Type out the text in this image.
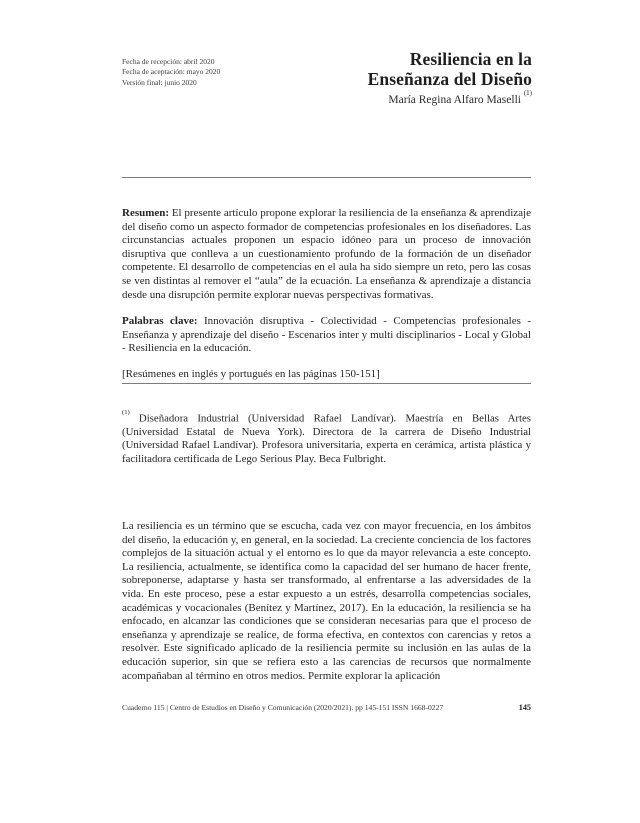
Fecha de recepción: abril 2020
Fecha de aceptación: mayo 2020
Versión final: junio 2020
Resiliencia en la
Enseñanza del Diseño
María Regina Alfaro Maselli $^{(1)}$

Resumen: El presente artículo propone explorar la resiliencia de la enseñanza & aprendizaje del diseño como un aspecto formador de competencias profesionales en los diseñadores. Las circunstancias actuales proponen un espacio idóneo para un proceso de innovación disruptiva que conlleva a un cuestionamiento profundo de la formación de un diseñador competente. El desarrollo de competencias en el aula ha sido siempre un reto, pero las cosas se ven distintas al remover el “aula” de la ecuación. La enseñanza & aprendizaje a distancia desde una disrupción permite explorar nuevas perspectivas formativas.

Palabras clave: Innovación disruptiva - Colectividad - Competencias profesionales - Enseñanza y aprendizaje del diseño - Escenarios inter y multi disciplinarios - Local y Global - Resiliencia en la educación.

[Resúmenes en inglés y portugués en las páginas 150-151]

$^{(1)}$ Diseñadora Industrial (Universidad Rafael Landívar). Maestría en Bellas Artes (Universidad Estatal de Nueva York). Directora de la carrera de Diseño Industrial (Universidad Rafael Landívar). Profesora universitaria, experta en cerámica, artista plástica y facilitadora certificada de Lego Serious Play. Beca Fulbright.

La resiliencia es un término que se escucha, cada vez con mayor frecuencia, en los ámbitos del diseño, la educación y, en general, en la sociedad. La creciente conciencia de los factores complejos de la situación actual y el entorno es lo que da mayor relevancia a este concepto. La resiliencia, actualmente, se identifica como la capacidad del ser humano de hacer frente, sobreponerse, adaptarse y hasta ser transformado, al enfrentarse a las adversidades de la vida. En este proceso, pese a estar expuesto a un estrés, desarrolla competencias sociales, académicas y vocacionales (Benítez y Martínez, 2017). En la educación, la resiliencia se ha enfocado, en alcanzar las condiciones que se consideran necesarias para que el proceso de enseñanza y aprendizaje se realice, de forma efectiva, en contextos con carencias y retos a resolver. Este significado aplicado de la resiliencia permite su inclusión en las aulas de la educación superior, sin que se refiera esto a las carencias de recursos que normalmente acompañaban al término en otros medios. Permite explorar la aplicación

Cuaderno 115 | Centro de Estudios en Diseño y Comunicación (2020/2021). pp 145-151 ISSN 1668-0227	145
